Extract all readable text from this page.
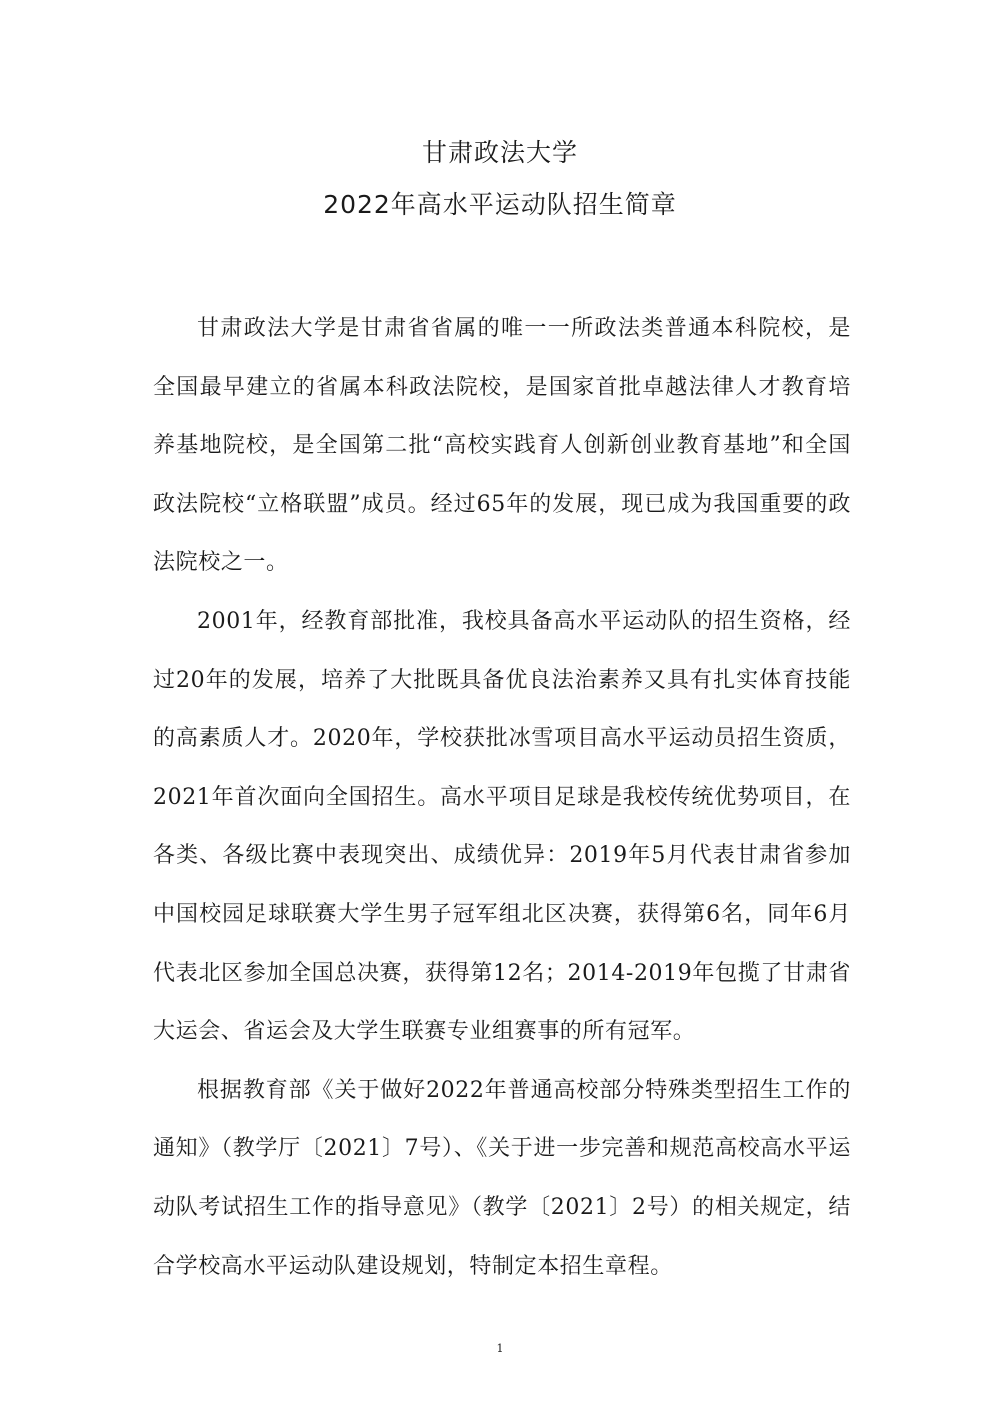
甘肃政法大学
2022年高水平运动队招生简章

甘肃政法大学是甘肃省省属的唯一一所政法类普通本科院校，是全国最早建立的省属本科政法院校，是国家首批卓越法律人才教育培养基地院校，是全国第二批“高校实践育人创新创业教育基地”和全国政法院校“立格联盟”成员。经过65年的发展，现已成为我国重要的政法院校之一。

2001年，经教育部批准，我校具备高水平运动队的招生资格，经过20年的发展，培养了大批既具备优良法治素养又具有扎实体育技能的高素质人才。2020年，学校获批冰雪项目高水平运动员招生资质，2021年首次面向全国招生。高水平项目足球是我校传统优势项目，在各类、各级比赛中表现突出、成绩优异：2019年5月代表甘肃省参加中国校园足球联赛大学生男子冠军组北区决赛，获得第6名，同年6月代表北区参加全国总决赛，获得第12名；2014-2019年包揽了甘肃省大运会、省运会及大学生联赛专业组赛事的所有冠军。

根据教育部《关于做好2022年普通高校部分特殊类型招生工作的通知》（教学厅〔2021〕7号）、《关于进一步完善和规范高校高水平运动队考试招生工作的指导意见》（教学〔2021〕2号）的相关规定，结合学校高水平运动队建设规划，特制定本招生章程。

1
